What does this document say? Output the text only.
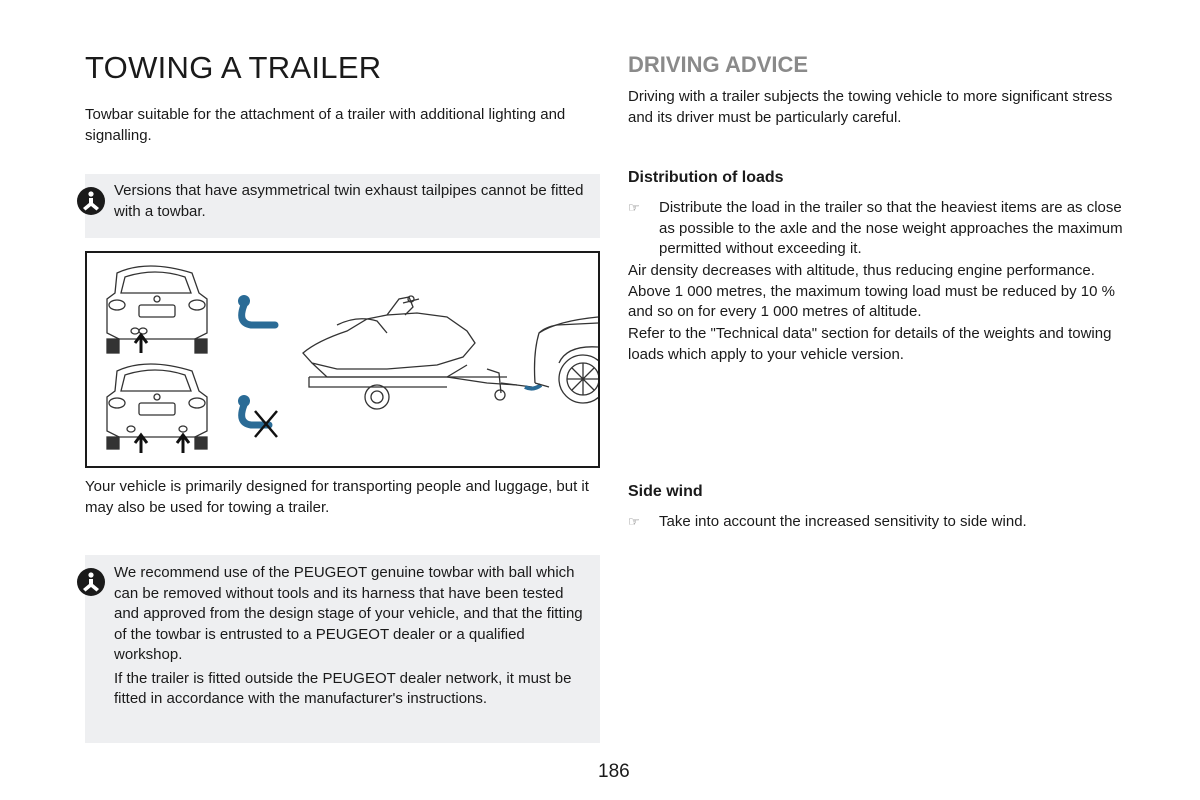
TOWING A TRAILER

Towbar suitable for the attachment of a trailer with additional lighting and signalling.

Versions that have asymmetrical twin exhaust tailpipes cannot be fitted with a towbar.

Your vehicle is primarily designed for transporting people and luggage, but it may also be used for towing a trailer.

We recommend use of the PEUGEOT genuine towbar with ball which can be removed without tools and its harness that have been tested and approved from the design stage of your vehicle, and that the fitting of the towbar is entrusted to a PEUGEOT dealer or a qualified workshop.

If the trailer is fitted outside the PEUGEOT dealer network, it must be fitted in accordance with the manufacturer's instructions.

DRIVING ADVICE

Driving with a trailer subjects the towing vehicle to more significant stress and its driver must be particularly careful.

Distribution of loads
☞ Distribute the load in the trailer so that the heaviest items are as close as possible to the axle and the nose weight approaches the maximum permitted without exceeding it.

Air density decreases with altitude, thus reducing engine performance. Above 1 000 metres, the maximum towing load must be reduced by 10 % and so on for every 1 000 metres of altitude.

Refer to the "Technical data" section for details of the weights and towing loads which apply to your vehicle version.

Side wind
☞ Take into account the increased sensitivity to side wind.
186
